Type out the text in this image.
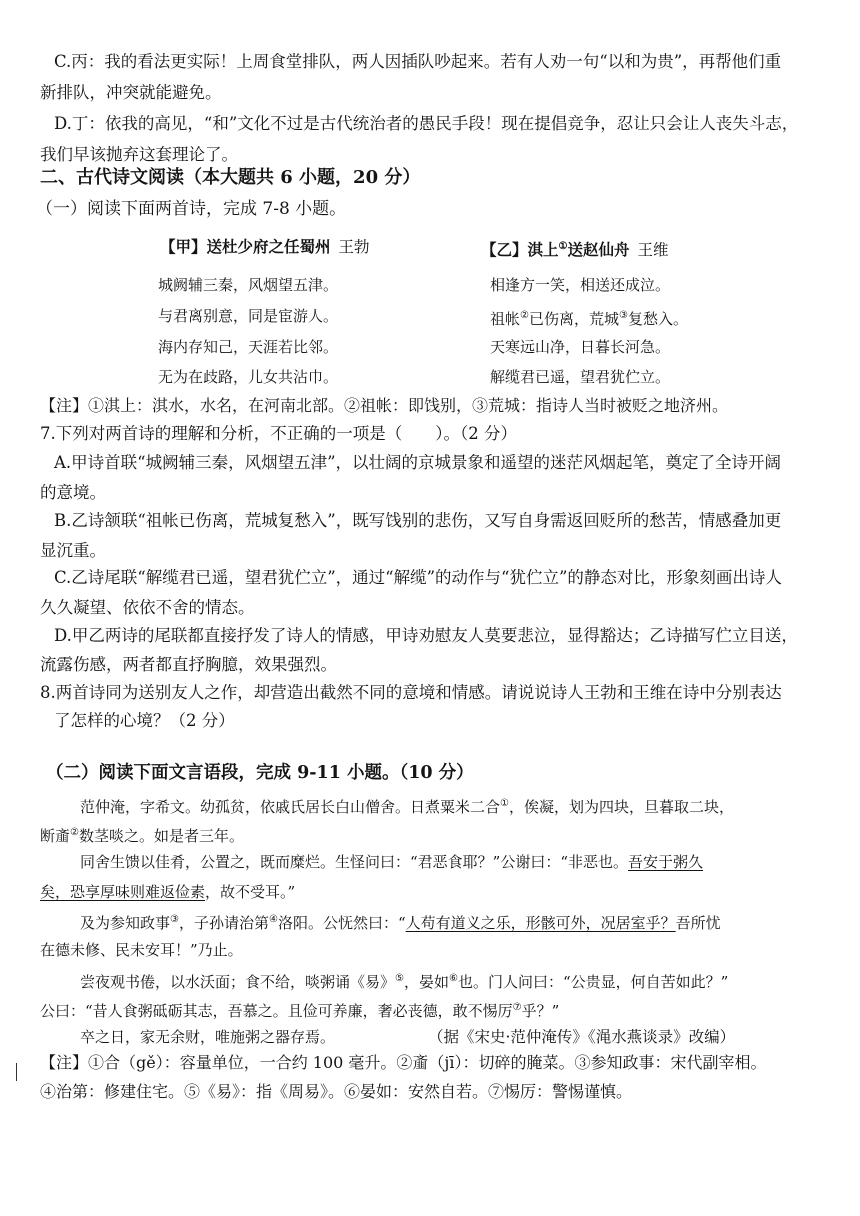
C.丙：我的看法更实际！上周食堂排队，两人因插队吵起来。若有人劝一句“以和为贵”，再帮他们重
新排队，冲突就能避免。
D.丁：依我的高见，“和”文化不过是古代统治者的愚民手段！现在提倡竞争，忍让只会让人丧失斗志，
我们早该抛弃这套理论了。
二、古代诗文阅读（本大题共 6 小题，20 分）
（一）阅读下面两首诗，完成 7-8 小题。
【甲】送杜少府之任蜀州 王勃
城阙辅三秦，风烟望五津。
与君离别意，同是宦游人。
海内存知己，天涯若比邻。
无为在歧路，儿女共沾巾。
【乙】淇上①送赵仙舟 王维
相逢方一笑，相送还成泣。
祖帐②已伤离，荒城③复愁入。
天寒远山净，日暮长河急。
解缆君已遥，望君犹伫立。
【注】①淇上：淇水，水名，在河南北部。②祖帐：即饯别，③荒城：指诗人当时被贬之地济州。
7.下列对两首诗的理解和分析，不正确的一项是（　　）。（2 分）
A.甲诗首联“城阙辅三秦，风烟望五津”，以壮阔的京城景象和遥望的迷茫风烟起笔，奠定了全诗开阔
的意境。
B.乙诗颔联“祖帐已伤离，荒城复愁入”，既写饯别的悲伤，又写自身需返回贬所的愁苦，情感叠加更
显沉重。
C.乙诗尾联“解缆君已遥，望君犹伫立”，通过“解缆”的动作与“犹伫立”的静态对比，形象刻画出诗人
久久凝望、依依不舍的情态。
D.甲乙两诗的尾联都直接抒发了诗人的情感，甲诗劝慰友人莫要悲泣，显得豁达；乙诗描写伫立目送，
流露伤感，两者都直抒胸臆，效果强烈。
8.两首诗同为送别友人之作，却营造出截然不同的意境和情感。请说说诗人王勃和王维在诗中分别表达
了怎样的心境？（2 分）
（二）阅读下面文言语段，完成 9-11 小题。（10 分）
范仲淹，字希文。幼孤贫，依戚氏居长白山僧舍。日煮粟米二合①，俟凝，划为四块，旦暮取二块，
断齑②数茎啖之。如是者三年。
同舍生馈以佳肴，公置之，既而糜烂。生怪问曰：“君恶食耶？”公谢曰：“非恶也。吾安于粥久
矣，恐享厚味则难返俭素，故不受耳。”
及为参知政事③，子孙请治第④洛阳。公怃然曰：“人苟有道义之乐，形骸可外，况居室乎？吾所忧
在德未修、民未安耳！”乃止。
尝夜观书倦，以水沃面；食不给，啖粥诵《易》⑤，晏如⑥也。门人问曰：“公贵显，何自苦如此？”
公曰：“昔人食粥砥砺其志，吾慕之。且俭可养廉，奢必丧德，敢不惕厉⑦乎？”
卒之日，家无余财，唯施粥之器存焉。	（据《宋史·范仲淹传》《渑水燕谈录》改编）
【注】①合（gě）：容量单位，一合约 100 毫升。②齑（jī）：切碎的腌菜。③参知政事：宋代副宰相。
④治第：修建住宅。⑤《易》：指《周易》。⑥晏如：安然自若。⑦惕厉：警惕谨慎。
